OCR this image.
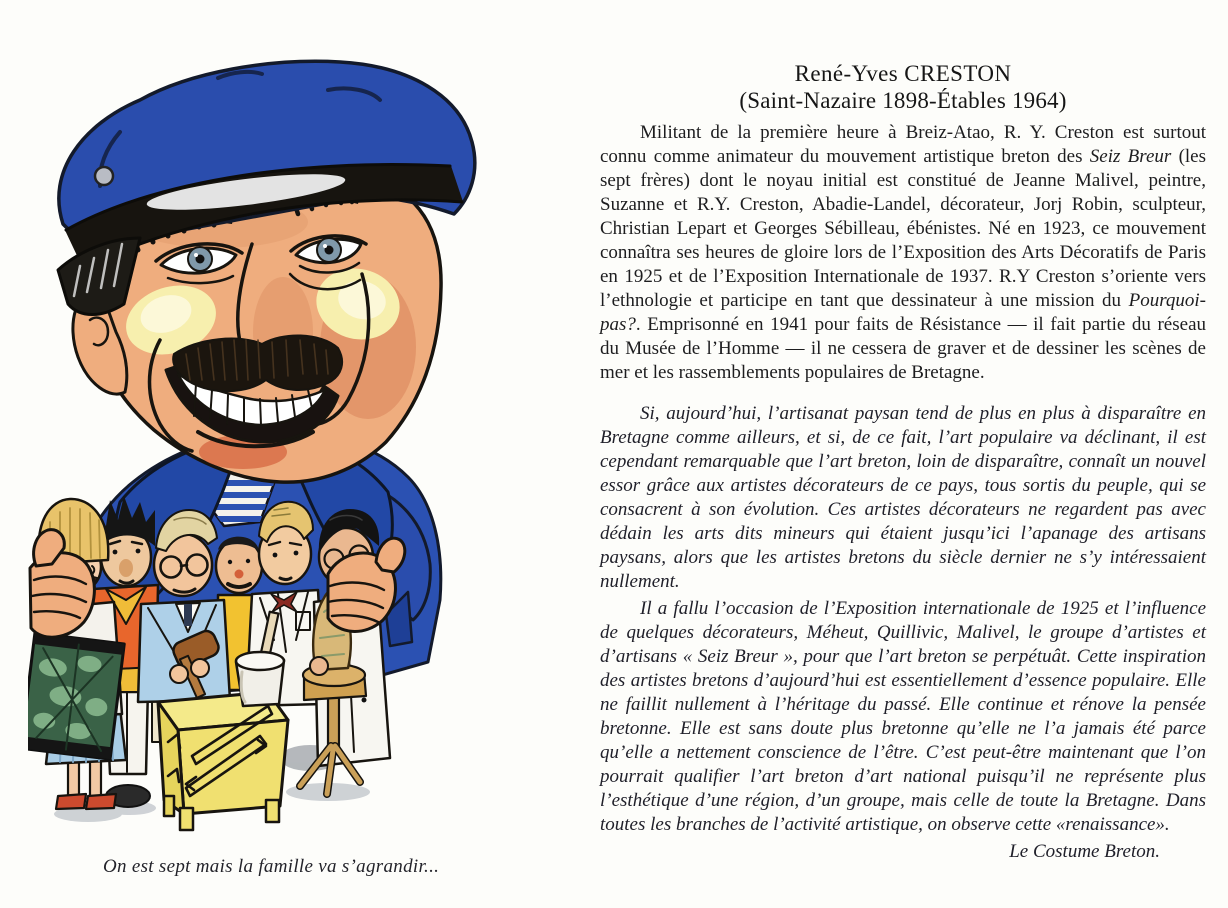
On est sept mais la famille va s’agrandir...
René-Yves CRESTON
(Saint-Nazaire 1898-Étables 1964)

Militant de la première heure à Breiz-Atao, R. Y. Creston est surtout connu comme animateur du mouvement artistique breton des Seiz Breur (les sept frères) dont le noyau initial est constitué de Jeanne Malivel, peintre, Suzanne et R.Y. Creston, Abadie-Landel, décorateur, Jorj Robin, sculpteur, Christian Lepart et Georges Sébilleau, ébénistes. Né en 1923, ce mouvement connaîtra ses heures de gloire lors de l’Exposition des Arts Décoratifs de Paris en 1925 et de l’Exposition Internationale de 1937. R.Y Creston s’oriente vers l’ethnologie et participe en tant que dessinateur à une mission du Pourquoi-pas?. Emprisonné en 1941 pour faits de Résistance — il fait partie du réseau du Musée de l’Homme — il ne cessera de graver et de dessiner les scènes de mer et les rassemblements populaires de Bretagne.

Si, aujourd’hui, l’artisanat paysan tend de plus en plus à disparaître en Bretagne comme ailleurs, et si, de ce fait, l’art populaire va déclinant, il est cependant remarquable que l’art breton, loin de disparaître, connaît un nouvel essor grâce aux artistes décorateurs de ce pays, tous sortis du peuple, qui se consacrent à son évolution. Ces artistes décorateurs ne regardent pas avec dédain les arts dits mineurs qui étaient jusqu’ici l’apanage des artisans paysans, alors que les artistes bretons du siècle dernier ne s’y intéressaient nullement.

Il a fallu l’occasion de l’Exposition internationale de 1925 et l’influence de quelques décorateurs, Méheut, Quillivic, Malivel, le groupe d’artistes et d’artisans « Seiz Breur », pour que l’art breton se perpétuât. Cette inspiration des artistes bretons d’aujourd’hui est essentiellement d’essence populaire. Elle ne faillit nullement à l’héritage du passé. Elle continue et rénove la pensée bretonne. Elle est sans doute plus bretonne qu’elle ne l’a jamais été parce qu’elle a nettement conscience de l’être. C’est peut-être maintenant que l’on pourrait qualifier l’art breton d’art national puisqu’il ne représente plus l’esthétique d’une région, d’un groupe, mais celle de toute la Bretagne. Dans toutes les branches de l’activité artistique, on observe cette «renaissance».

Le Costume Breton.
